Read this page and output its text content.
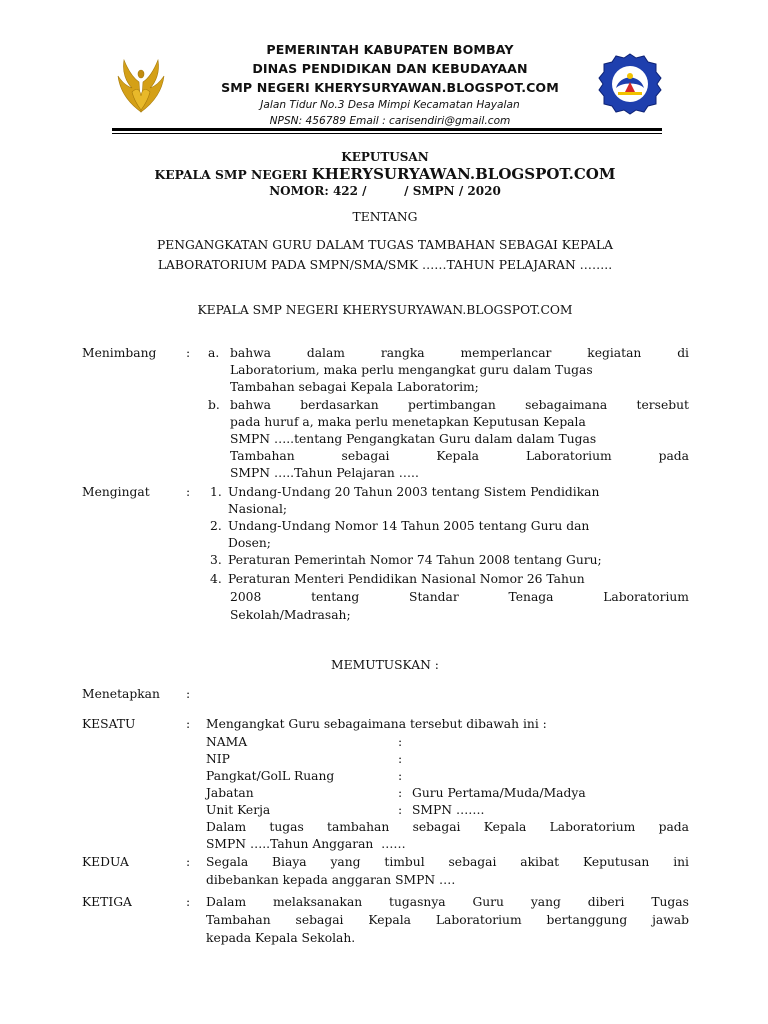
PEMERINTAH KABUPATEN BOMBAY
DINAS PENDIDIKAN DAN KEBUDAYAAN
SMP NEGERI KHERYSURYAWAN.BLOGSPOT.COM
Jalan Tidur No.3 Desa Mimpi Kecamatan Hayalan
NPSN: 456789 Email : carisendiri@gmail.com
KEPUTUSAN
KEPALA SMP NEGERI KHERYSURYAWAN.BLOGSPOT.COM
NOMOR: 422 /         / SMPN / 2020
TENTANG
PENGANGKATAN GURU DALAM TUGAS TAMBAHAN SEBAGAI KEPALA
LABORATORIUM PADA SMPN/SMA/SMK ……TAHUN PELAJARAN ……..
KEPALA SMP NEGERI KHERYSURYAWAN.BLOGSPOT.COM
Menimbang : a. bahwa	dalam	rangka	memperlancar	kegiatan	di
Laboratorium, maka perlu mengangkat guru dalam Tugas
Tambahan sebagai Kepala Laboratorim;
b. bahwa berdasarkan pertimbangan sebagaimana tersebut
pada huruf a, maka perlu menetapkan Keputusan Kepala
SMPN …..tentang Pengangkatan Guru dalam dalam Tugas
Tambahan	sebagai	Kepala	Laboratorium	pada
SMPN …..Tahun Pelajaran …..
Mengingat	: 1. Undang-Undang 20 Tahun 2003 tentang Sistem Pendidikan
Nasional;
2. Undang-Undang Nomor 14 Tahun 2005 tentang Guru dan
Dosen;
3. Peraturan Pemerintah Nomor 74 Tahun 2008 tentang Guru;
4. Peraturan Menteri Pendidikan Nasional Nomor 26 Tahun
2008	tentang	Standar	Tenaga	Laboratorium
Sekolah/Madrasah;
MEMUTUSKAN :
Menetapkan :
KESATU	: Mengangkat Guru sebagaimana tersebut dibawah ini :
NAMA	:
NIP	:
Pangkat/GolL Ruang	:
Jabatan	: Guru Pertama/Muda/Madya
Unit Kerja	: SMPN …….
Dalam tugas tambahan sebagai Kepala Laboratorium pada
SMPN …..Tahun Anggaran  ……
KEDUA	: Segala Biaya yang timbul sebagai akibat Keputusan ini
dibebankan kepada anggaran SMPN ….
KETIGA	: Dalam melaksanakan tugasnya Guru yang diberi Tugas
Tambahan sebagai Kepala Laboratorium bertanggung jawab
kepada Kepala Sekolah.
